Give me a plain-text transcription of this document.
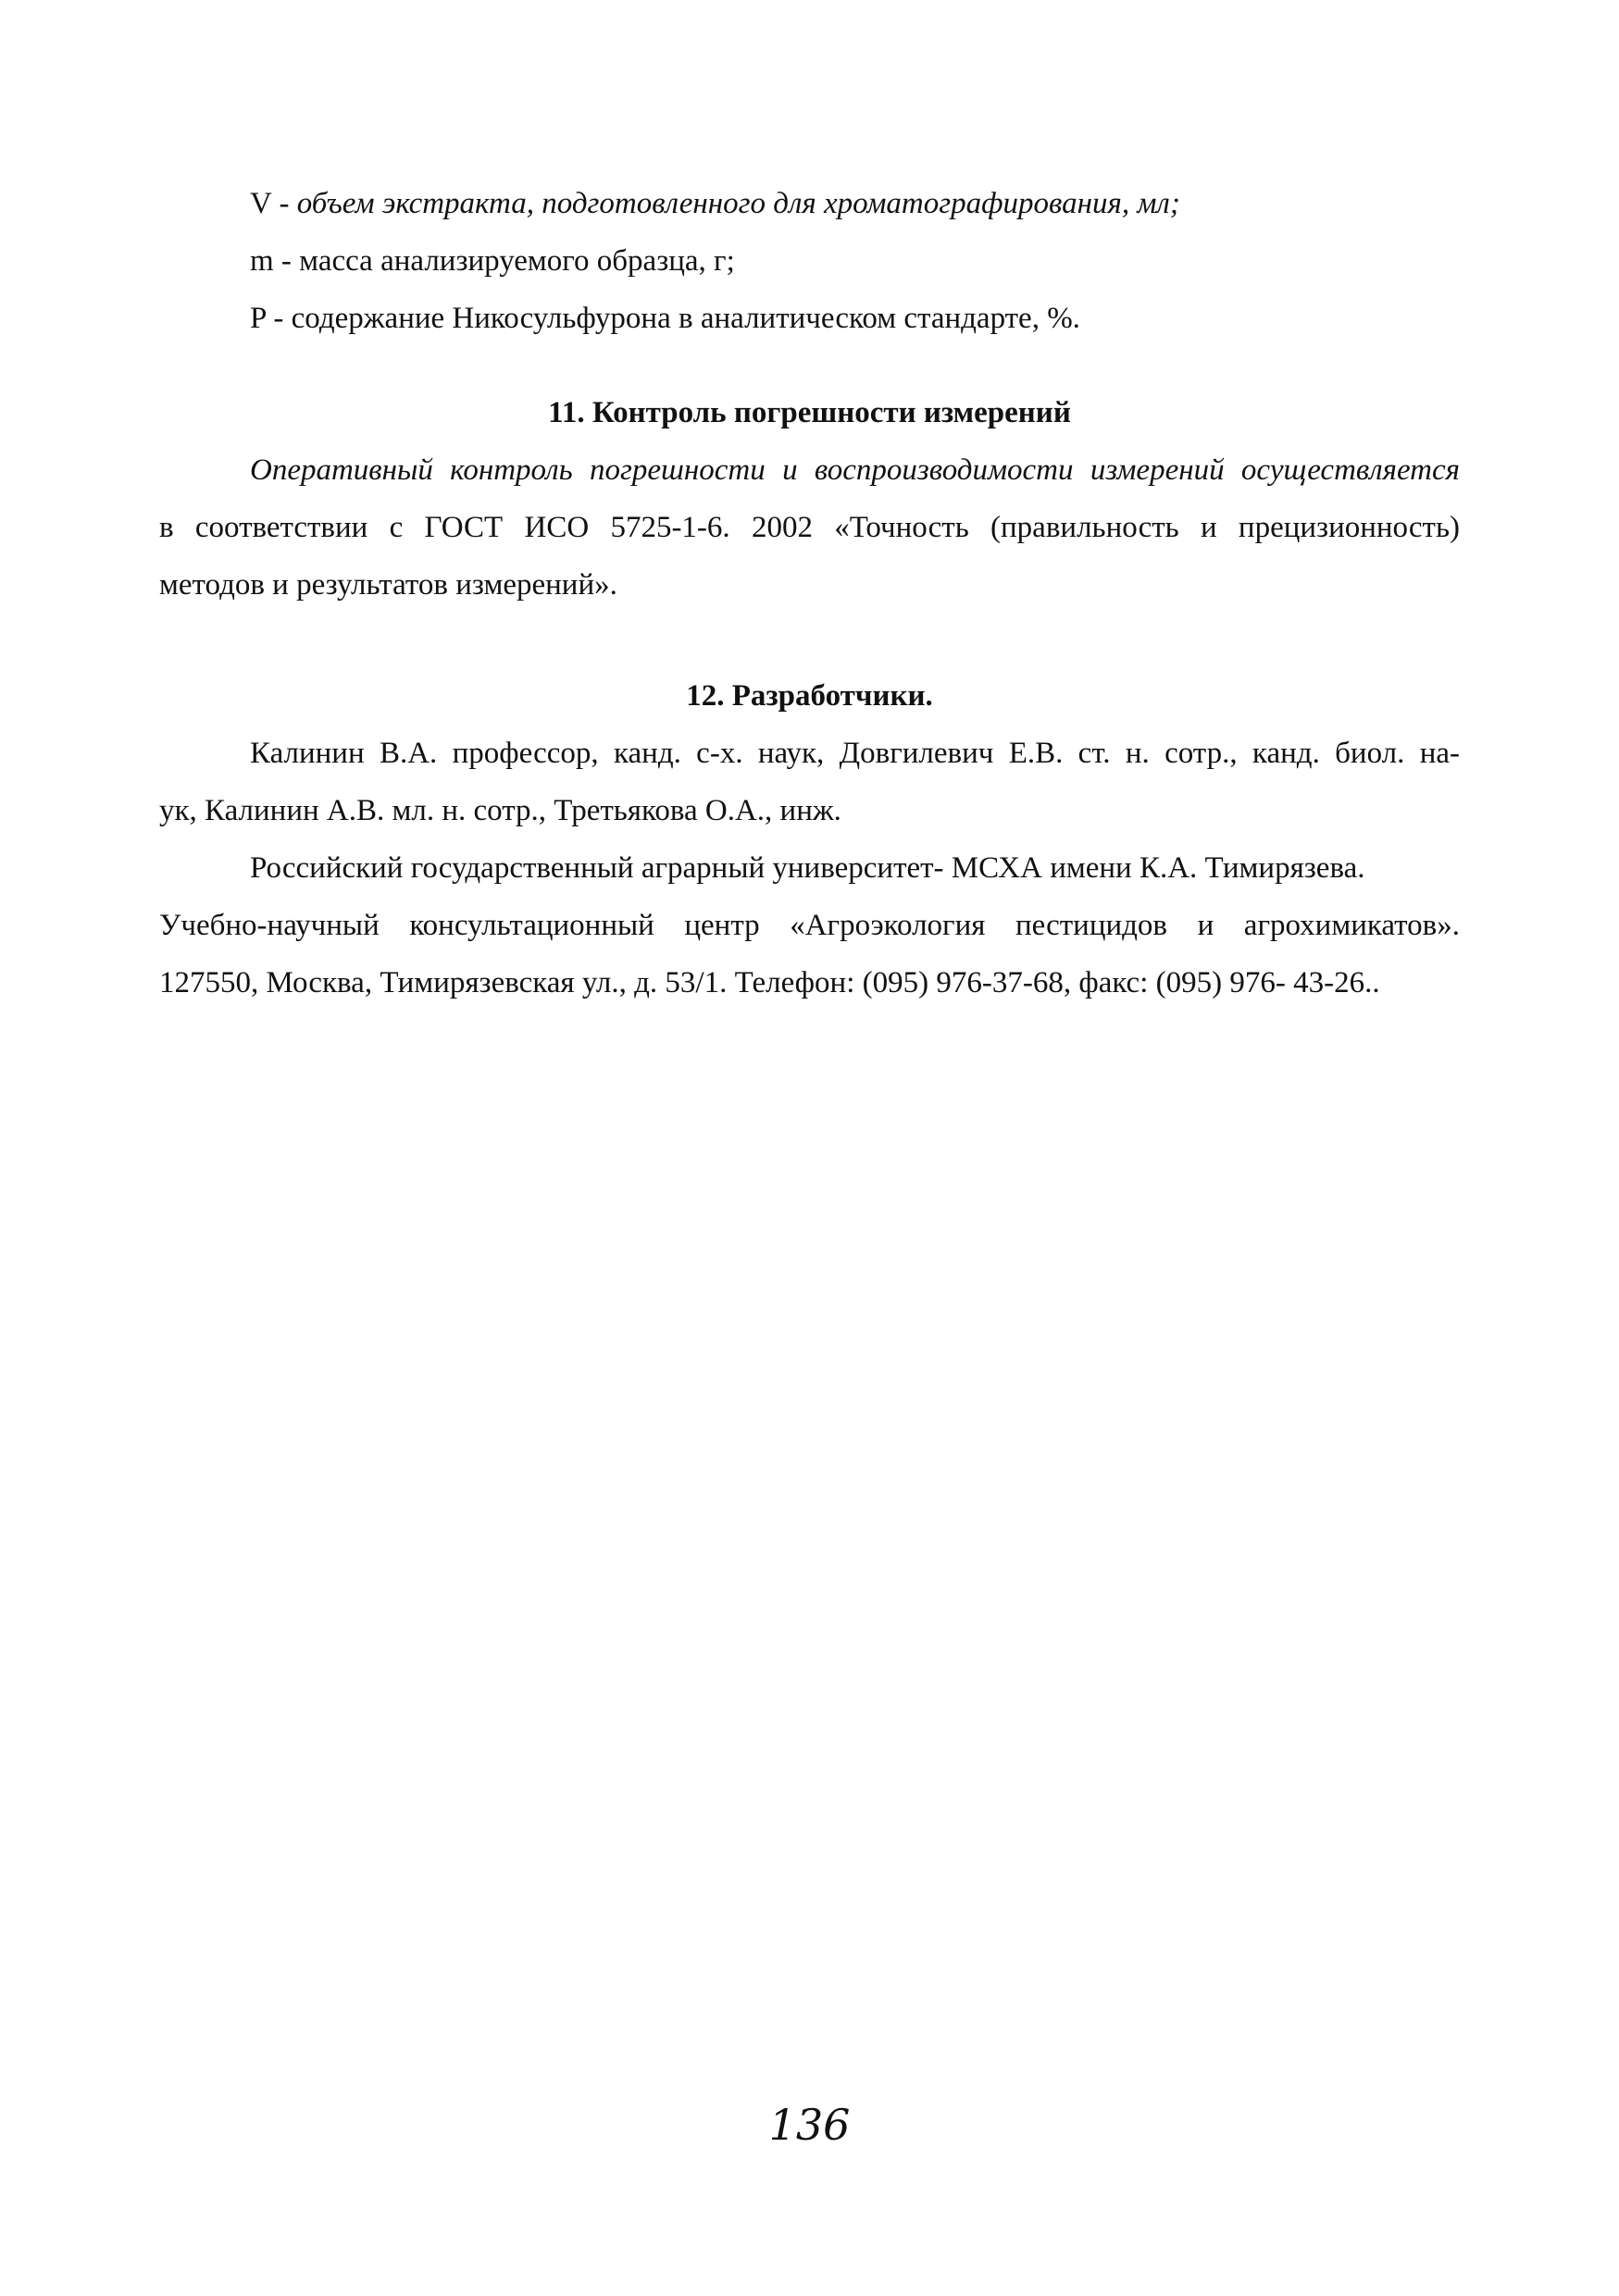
V - объем экстракта, подготовленного для хроматографирования, мл;
m - масса анализируемого образца, г;
P - содержание Никосульфурона в аналитическом стандарте, %.
11. Контроль погрешности измерений
Оперативный контроль погрешности и воспроизводимости измерений осуществляется
в соответствии с ГОСТ ИСО 5725-1-6. 2002 «Точность (правильность и прецизионность)
методов и результатов измерений».
12. Разработчики.
Калинин В.А. профессор, канд. с-х. наук, Довгилевич Е.В. ст. н. сотр., канд. биол. на-
ук, Калинин А.В. мл. н. сотр., Третьякова О.А., инж.
Российский государственный аграрный университет- МСХА имени К.А. Тимирязева.
Учебно-научный консультационный центр «Агроэкология пестицидов и агрохимикатов».
127550, Москва, Тимирязевская ул., д. 53/1. Телефон: (095) 976-37-68, факс: (095) 976- 43-26..
136
